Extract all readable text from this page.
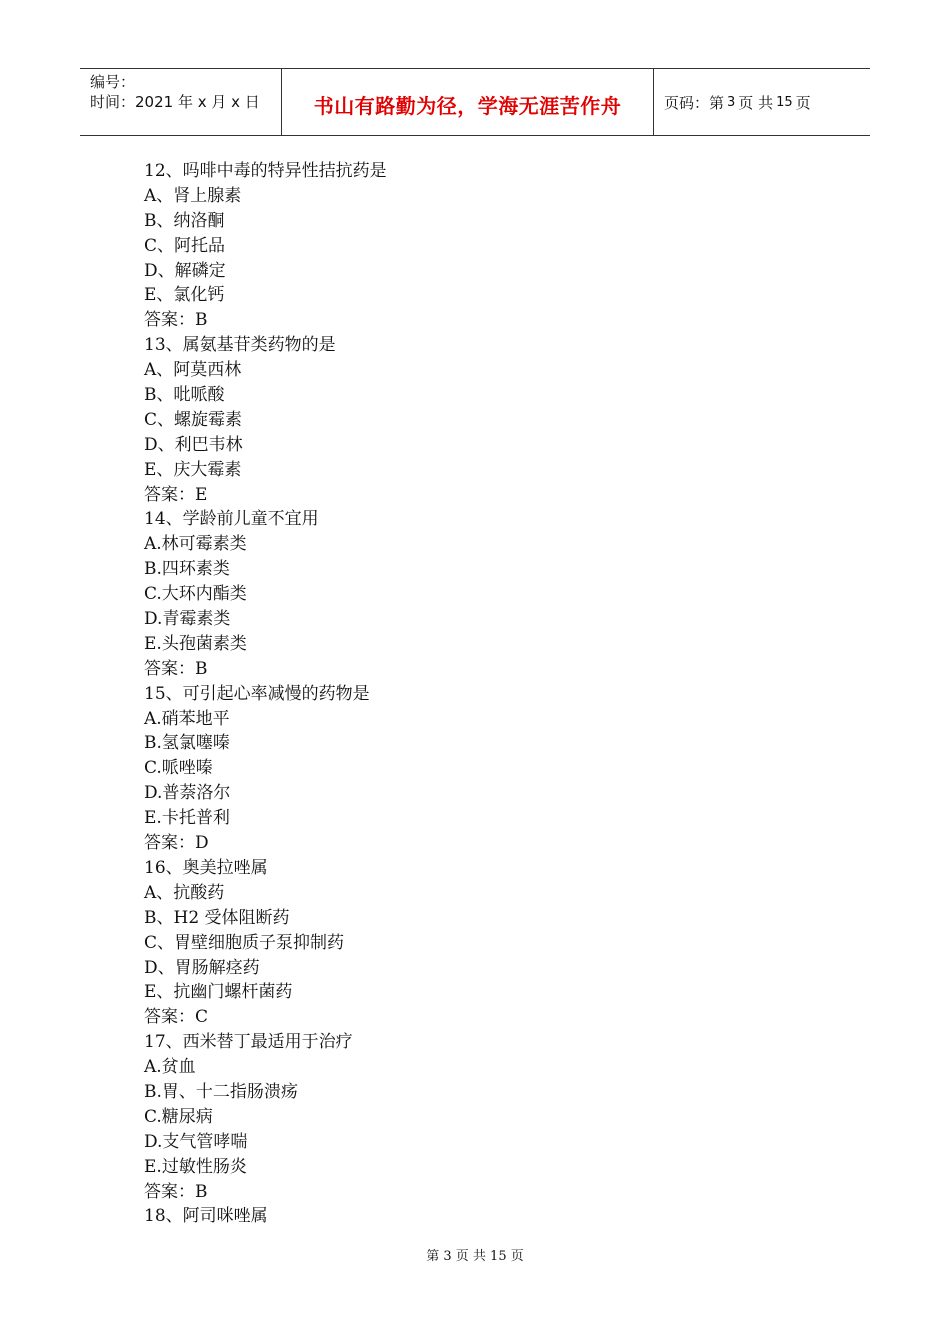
编号：
时间：2021 年 x 月 x 日	书山有路勤为径，学海无涯苦作舟	页码：第 3 页 共 15 页
12、吗啡中毒的特异性拮抗药是
A、肾上腺素
B、纳洛酮
C、阿托品
D、解磷定
E、氯化钙
答案：B
13、属氨基苷类药物的是
A、阿莫西林
B、吡哌酸
C、螺旋霉素
D、利巴韦林
E、庆大霉素
答案：E
14、学龄前儿童不宜用
A.林可霉素类
B.四环素类
C.大环内酯类
D.青霉素类
E.头孢菌素类
答案：B
15、可引起心率减慢的药物是
A.硝苯地平
B.氢氯噻嗪
C.哌唑嗪
D.普萘洛尔
E.卡托普利
答案：D
16、奥美拉唑属
A、抗酸药
B、H2 受体阻断药
C、胃壁细胞质子泵抑制药
D、胃肠解痉药
E、抗幽门螺杆菌药
答案：C
17、西米替丁最适用于治疗
A.贫血
B.胃、十二指肠溃疡
C.糖尿病
D.支气管哮喘
E.过敏性肠炎
答案：B
18、阿司咪唑属
第 3 页 共 15 页
